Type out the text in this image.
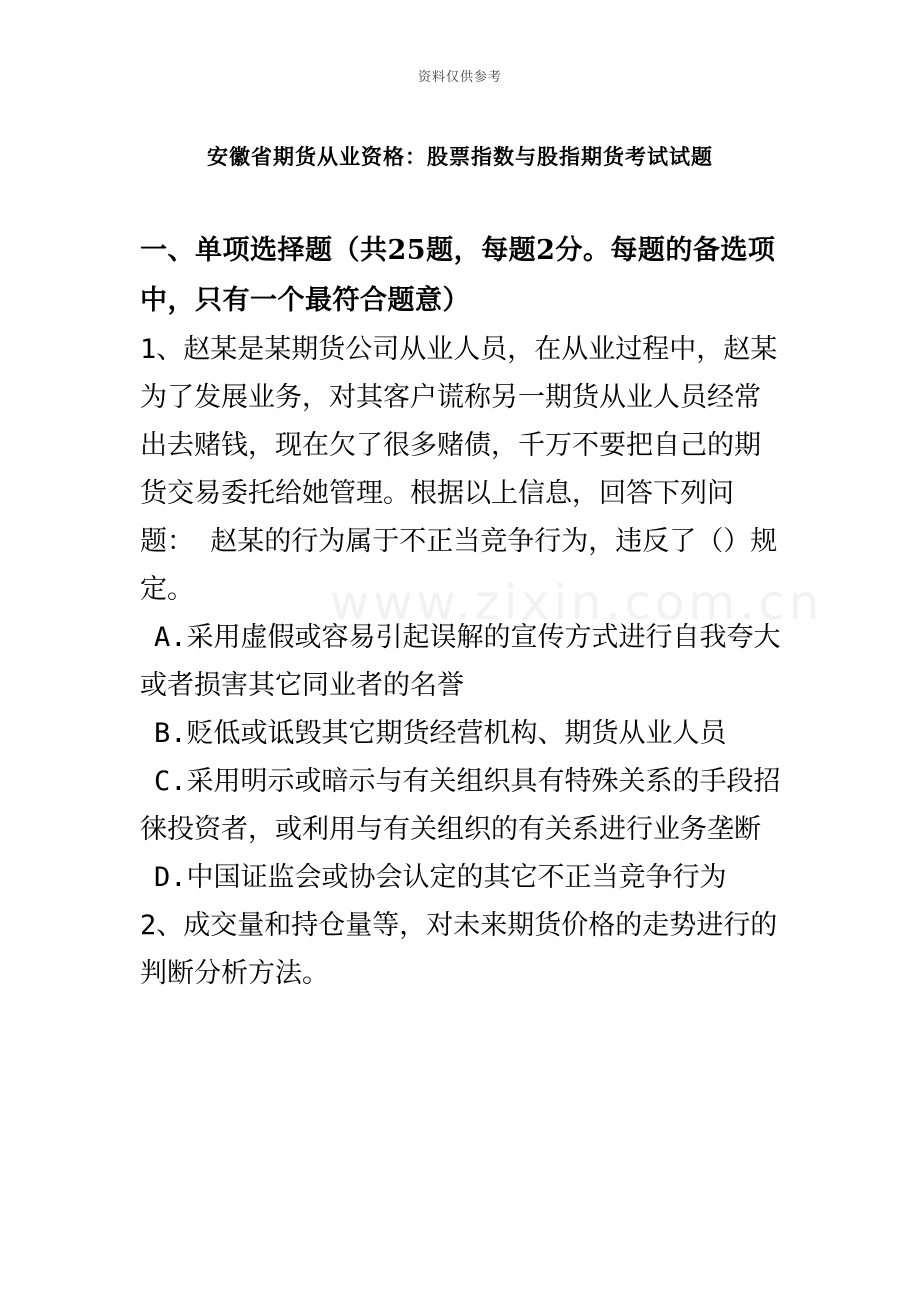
资料仅供参考
安徽省期货从业资格：股票指数与股指期货考试试题
www.zixin.com.cn

一、单项选择题（共25题，每题2分。每题的备选项中，只有一个最符合题意）

1、赵某是某期货公司从业人员，在从业过程中，赵某为了发展业务，对其客户谎称另一期货从业人员经常出去赌钱，现在欠了很多赌债，千万不要把自己的期货交易委托给她管理。根据以上信息，回答下列问题： 赵某的行为属于不正当竞争行为，违反了（）规定。

A.采用虚假或容易引起误解的宣传方式进行自我夸大或者损害其它同业者的名誉

B.贬低或诋毁其它期货经营机构、期货从业人员

C.采用明示或暗示与有关组织具有特殊关系的手段招徕投资者，或利用与有关组织的有关系进行业务垄断

D.中国证监会或协会认定的其它不正当竞争行为

2、成交量和持仓量等，对未来期货价格的走势进行的判断分析方法。
